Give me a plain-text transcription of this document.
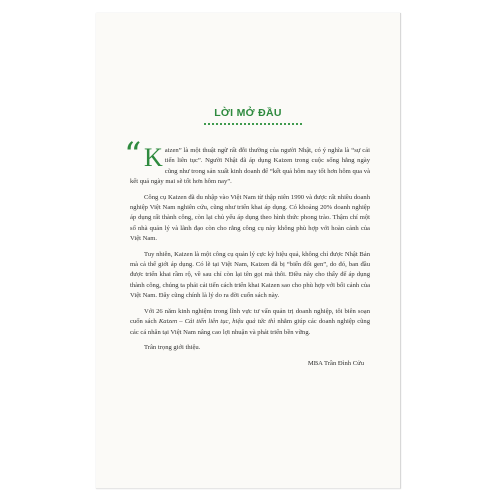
LỜI MỞ ĐẦU

“ K aizen” là một thuật ngữ rất đỗi thường của người Nhật, có ý nghĩa là “sự cải tiến liên tục”. Người Nhật đã áp dụng Kaizen trong cuộc sống hằng ngày cũng như trong sản xuất kinh doanh để “kết quả hôm nay tốt hơn hôm qua và kết quả ngày mai sẽ tốt hơn hôm nay”.

Công cụ Kaizen đã du nhập vào Việt Nam từ thập niên 1990 và được rất nhiều doanh nghiệp Việt Nam nghiên cứu, cũng như triển khai áp dụng. Có khoảng 20% doanh nghiệp áp dụng rất thành công, còn lại chủ yếu áp dụng theo hình thức phong trào. Thậm chí một số nhà quản lý và lãnh đạo còn cho rằng công cụ này không phù hợp với hoàn cảnh của Việt Nam.

Tuy nhiên, Kaizen là một công cụ quản lý cực kỳ hiệu quả, không chỉ được Nhật Bản mà cả thế giới áp dụng. Có lẽ tại Việt Nam, Kaizen đã bị “biến đổi gen”, do đó, ban đầu được triển khai rầm rộ, về sau chỉ còn lại tên gọi mà thôi. Điều này cho thấy để áp dụng thành công, chúng ta phải cải tiến cách triển khai Kaizen sao cho phù hợp với bối cảnh của Việt Nam. Đây cũng chính là lý do ra đời cuốn sách này.

Với 26 năm kinh nghiệm trong lĩnh vực tư vấn quản trị doanh nghiệp, tôi biên soạn cuốn sách Kaizen – Cải tiến liên tục, hiệu quả tức thì nhằm giúp các doanh nghiệp cũng các cá nhân tại Việt Nam nâng cao lợi nhuận và phát triển bền vững.

Trân trọng giới thiệu.

MBA Trần Đình Cửu
